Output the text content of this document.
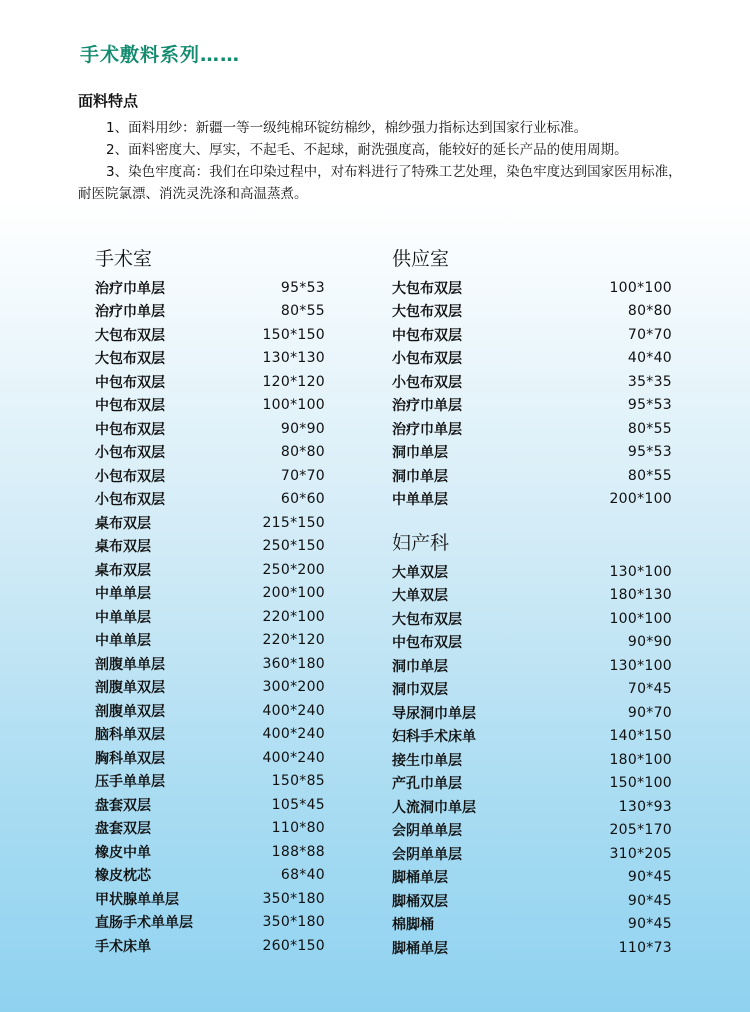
手术敷料系列……
面料特点

1、面料用纱：新疆一等一级纯棉环锭纺棉纱，棉纱强力指标达到国家行业标准。

2、面料密度大、厚实，不起毛、不起球，耐洗强度高，能较好的延长产品的使用周期。

3、染色牢度高：我们在印染过程中，对布料进行了特殊工艺处理，染色牢度达到国家医用标准，耐医院氯漂、消洗灵洗涤和高温蒸煮。

手术室
治疗巾单层	95*53
治疗巾单层	80*55
大包布双层	150*150
大包布双层	130*130
中包布双层	120*120
中包布双层	100*100
中包布双层	90*90
小包布双层	80*80
小包布双层	70*70
小包布双层	60*60
桌布双层	215*150
桌布双层	250*150
桌布双层	250*200
中单单层	200*100
中单单层	220*100
中单单层	220*120
剖腹单单层	360*180
剖腹单双层	300*200
剖腹单双层	400*240
脑科单双层	400*240
胸科单双层	400*240
压手单单层	150*85
盘套双层	105*45
盘套双层	110*80
橡皮中单	188*88
橡皮枕芯	68*40
甲状腺单单层	350*180
直肠手术单单层	350*180
手术床单	260*150
供应室
大包布双层	100*100
大包布双层	80*80
中包布双层	70*70
小包布双层	40*40
小包布双层	35*35
治疗巾单层	95*53
治疗巾单层	80*55
洞巾单层	95*53
洞巾单层	80*55
中单单层	200*100
妇产科
大单双层	130*100
大单双层	180*130
大包布双层	100*100
中包布双层	90*90
洞巾单层	130*100
洞巾双层	70*45
导尿洞巾单层	90*70
妇科手术床单	140*150
接生巾单层	180*100
产孔巾单层	150*100
人流洞巾单层	130*93
会阴单单层	205*170
会阴单单层	310*205
脚桶单层	90*45
脚桶双层	90*45
棉脚桶	90*45
脚桶单层	110*73
